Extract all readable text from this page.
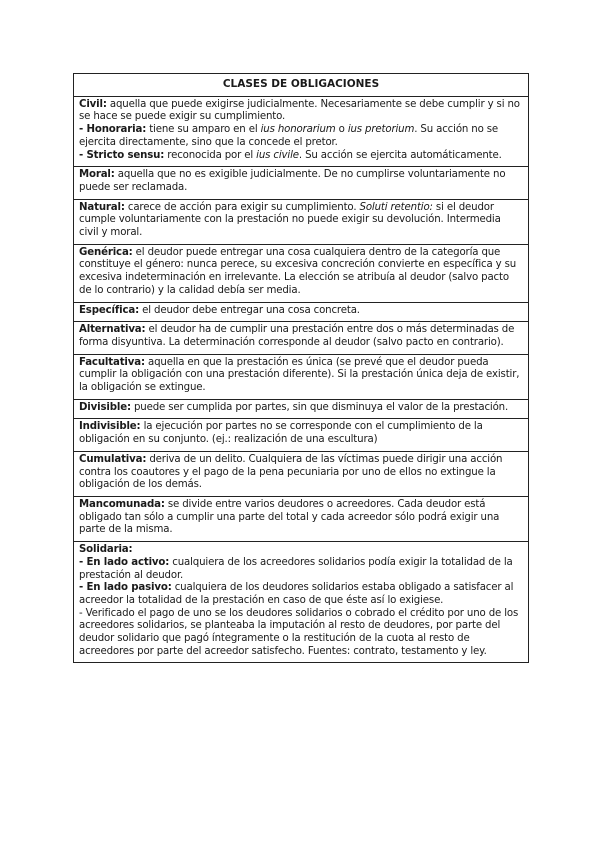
CLASES DE OBLIGACIONES
Civil: aquella que puede exigirse judicialmente. Necesariamente se debe cumplir y si no se hace se puede exigir su cumplimiento.
- Honoraria: tiene su amparo en el ius honorarium o ius pretorium. Su acción no se ejercita directamente, sino que la concede el pretor.
- Stricto sensu: reconocida por el ius civile. Su acción se ejercita automáticamente.
Moral: aquella que no es exigible judicialmente. De no cumplirse voluntariamente no puede ser reclamada.
Natural: carece de acción para exigir su cumplimiento. Soluti retentio: si el deudor cumple voluntariamente con la prestación no puede exigir su devolución. Intermedia civil y moral.
Genérica: el deudor puede entregar una cosa cualquiera dentro de la categoría que constituye el género: nunca perece, su excesiva concreción convierte en específica y su excesiva indeterminación en irrelevante. La elección se atribuía al deudor (salvo pacto de lo contrario) y la calidad debía ser media.
Específica: el deudor debe entregar una cosa concreta.
Alternativa: el deudor ha de cumplir una prestación entre dos o más determinadas de forma disyuntiva. La determinación corresponde al deudor (salvo pacto en contrario).
Facultativa: aquella en que la prestación es única (se prevé que el deudor pueda cumplir la obligación con una prestación diferente). Si la prestación única deja de existir, la obligación se extingue.
Divisible: puede ser cumplida por partes, sin que disminuya el valor de la prestación.
Indivisible: la ejecución por partes no se corresponde con el cumplimiento de la obligación en su conjunto. (ej.: realización de una escultura)
Cumulativa: deriva de un delito. Cualquiera de las víctimas puede dirigir una acción contra los coautores y el pago de la pena pecuniaria por uno de ellos no extingue la obligación de los demás.
Mancomunada: se divide entre varios deudores o acreedores. Cada deudor está obligado tan sólo a cumplir una parte del total y cada acreedor sólo podrá exigir una parte de la misma.
Solidaria:
- En lado activo: cualquiera de los acreedores solidarios podía exigir la totalidad de la prestación al deudor.
- En lado pasivo: cualquiera de los deudores solidarios estaba obligado a satisfacer al acreedor la totalidad de la prestación en caso de que éste así lo exigiese.
- Verificado el pago de uno se los deudores solidarios o cobrado el crédito por uno de los acreedores solidarios, se planteaba la imputación al resto de deudores, por parte del deudor solidario que pagó íntegramente o la restitución de la cuota al resto de acreedores por parte del acreedor satisfecho. Fuentes: contrato, testamento y ley.
